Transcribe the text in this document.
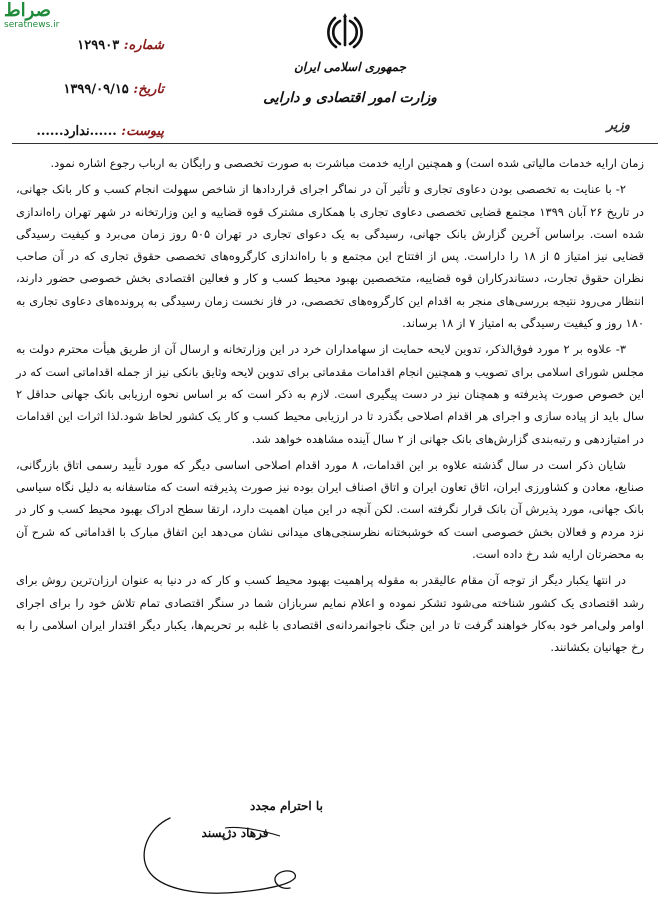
صراط
seratnews.ir
شماره: ۱۲۹۹۰۳
تاریخ: ۱۳۹۹/۰۹/۱۵
پیوست: ......ندارد......
جمهوری اسلامی ایران
وزارت امور اقتصادی و دارایی
وزیر

زمان ارایه خدمات مالیاتی شده است) و همچنین ارایه خدمت مباشرت به صورت تخصصی و رایگان به ارباب رجوع اشاره نمود.

۲- با عنایت به تخصصی بودن دعاوی تجاری و تأثیر آن در نماگر اجرای قراردادها از شاخص سهولت انجام کسب و کار بانک جهانی، در تاریخ ۲۶ آبان ۱۳۹۹ مجتمع قضایی تخصصی دعاوی تجاری با همکاری مشترک قوه قضاییه و این وزارتخانه در شهر تهران راه‌اندازی شده است. براساس آخرین گزارش بانک جهانی، رسیدگی به یک دعوای تجاری در تهران ۵۰۵ روز زمان می‌برد و کیفیت رسیدگی قضایی نیز امتیاز ۵ از ۱۸ را داراست. پس از افتتاح این مجتمع و با راه‌اندازی کارگروه‌های تخصصی حقوق تجاری که در آن صاحب نظران حقوق تجارت، دستاندرکاران قوه قضاییه، متخصصین بهبود محیط کسب و کار و فعالین اقتصادی بخش خصوصی حضور دارند، انتظار می‌رود نتیجه بررسی‌های منجر به اقدام این کارگروه‌های تخصصی، در فاز نخست زمان رسیدگی به پرونده‌های دعاوی تجاری به ۱۸۰ روز و کیفیت رسیدگی به امتیاز ۷ از ۱۸ برساند.

۳- علاوه بر ۲ مورد فوق‌الذکر، تدوین لایحه حمایت از سهامداران خرد در این وزارتخانه و ارسال آن از طریق هیأت محترم دولت به مجلس شورای اسلامی برای تصویب و همچنین انجام اقدامات مقدماتی برای تدوین لایحه وثایق بانکی نیز از جمله اقداماتی است که در این خصوص صورت پذیرفته و همچنان نیز در دست پیگیری است. لازم به ذکر است که بر اساس نحوه ارزیابی بانک جهانی حداقل ۲ سال باید از پیاده سازی و اجرای هر اقدام اصلاحی بگذرد تا در ارزیابی محیط کسب و کار یک کشور لحاظ شود.لذا اثرات این اقدامات در امتیازدهی و رتبه‌بندی گزارش‌های بانک جهانی از ۲ سال آینده مشاهده خواهد شد.

شایان ذکر است در سال گذشته علاوه بر این اقدامات، ۸ مورد اقدام اصلاحی اساسی دیگر که مورد تأیید رسمی اتاق بازرگانی، صنایع، معادن و کشاورزی ایران، اتاق تعاون ایران و اتاق اصناف ایران بوده نیز صورت پذیرفته است که متاسفانه به دلیل نگاه سیاسی بانک جهانی، مورد پذیرش آن بانک قرار نگرفته است. لکن آنچه در این میان اهمیت دارد، ارتقا سطح ادراک بهبود محیط کسب و کار در نزد مردم و فعالان بخش خصوصی است که خوشبختانه نظرسنجی‌های میدانی نشان می‌دهد این اتفاق مبارک با اقداماتی که شرح آن به محضرتان ارایه شد رخ داده است.

در انتها یکبار دیگر از توجه آن مقام عالیقدر به مقوله پراهمیت بهبود محیط کسب و کار که در دنیا به عنوان ارزان‌ترین روش برای رشد اقتصادی یک کشور شناخته می‌شود تشکر نموده و اعلام نمایم سربازان شما در سنگر اقتصادی تمام تلاش خود را برای اجرای اوامر ولی‌امر خود به‌کار خواهند گرفت تا در این جنگ ناجوانمردانه‌ی اقتصادی با غلبه بر تحریم‌ها، یکبار دیگر اقتدار ایران اسلامی را به رخ جهانیان بکشانند.

با احترام مجدد
فرهاد دژپسند
